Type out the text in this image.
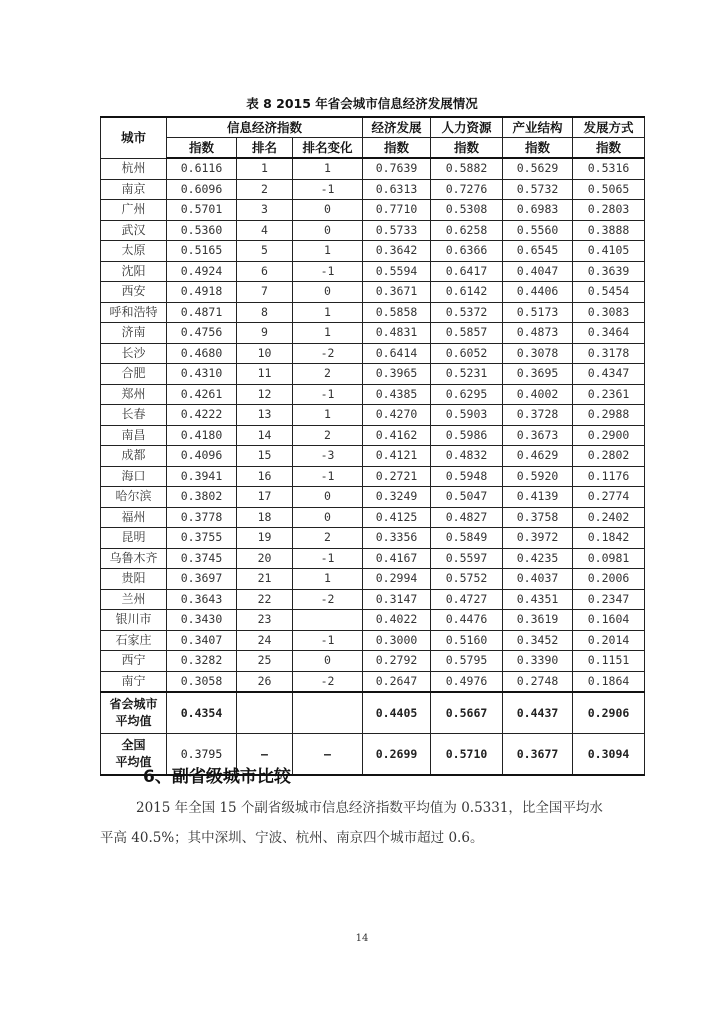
表 8 2015 年省会城市信息经济发展情况
城市	信息经济指数			经济发展	人力资源	产业结构	发展方式
	指数	排名	排名变化	指数	指数	指数	指数
杭州	0.6116	1	1	0.7639	0.5882	0.5629	0.5316
南京	0.6096	2	-1	0.6313	0.7276	0.5732	0.5065
广州	0.5701	3	0	0.7710	0.5308	0.6983	0.2803
武汉	0.5360	4	0	0.5733	0.6258	0.5560	0.3888
太原	0.5165	5	1	0.3642	0.6366	0.6545	0.4105
沈阳	0.4924	6	-1	0.5594	0.6417	0.4047	0.3639
西安	0.4918	7	0	0.3671	0.6142	0.4406	0.5454
呼和浩特	0.4871	8	1	0.5858	0.5372	0.5173	0.3083
济南	0.4756	9	1	0.4831	0.5857	0.4873	0.3464
长沙	0.4680	10	-2	0.6414	0.6052	0.3078	0.3178
合肥	0.4310	11	2	0.3965	0.5231	0.3695	0.4347
郑州	0.4261	12	-1	0.4385	0.6295	0.4002	0.2361
长春	0.4222	13	1	0.4270	0.5903	0.3728	0.2988
南昌	0.4180	14	2	0.4162	0.5986	0.3673	0.2900
成都	0.4096	15	-3	0.4121	0.4832	0.4629	0.2802
海口	0.3941	16	-1	0.2721	0.5948	0.5920	0.1176
哈尔滨	0.3802	17	0	0.3249	0.5047	0.4139	0.2774
福州	0.3778	18	0	0.4125	0.4827	0.3758	0.2402
昆明	0.3755	19	2	0.3356	0.5849	0.3972	0.1842
乌鲁木齐	0.3745	20	-1	0.4167	0.5597	0.4235	0.0981
贵阳	0.3697	21	1	0.2994	0.5752	0.4037	0.2006
兰州	0.3643	22	-2	0.3147	0.4727	0.4351	0.2347
银川市	0.3430	23		0.4022	0.4476	0.3619	0.1604
石家庄	0.3407	24	-1	0.3000	0.5160	0.3452	0.2014
西宁	0.3282	25	0	0.2792	0.5795	0.3390	0.1151
南宁	0.3058	26	-2	0.2647	0.4976	0.2748	0.1864

省会城市
平均值	0.4354			0.4405	0.5667	0.4437	0.2906

全国
平均值	0.3795	–	–	0.2699	0.5710	0.3677	0.3094
6、副省级城市比较
2015 年全国 15 个副省级城市信息经济指数平均值为 0.5331，比全国平均水
平高 40.5%；其中深圳、宁波、杭州、南京四个城市超过 0.6。
14
